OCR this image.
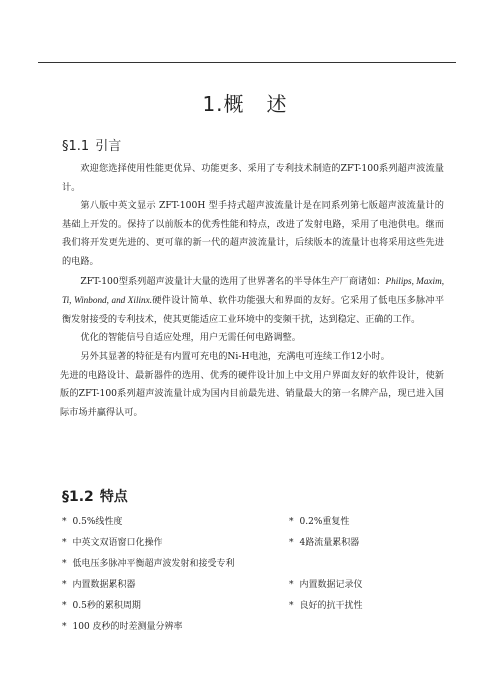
1.概 述
§1.1 引言

欢迎您选择使用性能更优异、功能更多、采用了专利技术制造的ZFT-100系列超声波流量计。

第八版中英文显示 ZFT-100H 型手持式超声波流量计是在同系列第七版超声波流量计的基础上开发的。保持了以前版本的优秀性能和特点，改进了发射电路，采用了电池供电。继而我们将开发更先进的、更可靠的新一代的超声波流量计，后续版本的流量计也将采用这些先进的电路。

ZFT-100型系列超声波量计大量的选用了世界著名的半导体生产厂商诸如：Philips, Maxim, Ti, Winbond, and Xilinx.硬件设计简单、软件功能强大和界面的友好。它采用了低电压多脉冲平衡发射接受的专利技术，使其更能适应工业环境中的变频干扰，达到稳定、正确的工作。

优化的智能信号自适应处理，用户无需任何电路调整。

另外其显著的特征是有内置可充电的Ni-H电池，充满电可连续工作12小时。

先进的电路设计、最新器件的选用、优秀的硬件设计加上中文用户界面友好的软件设计，使新版的ZFT-100系列超声波流量计成为国内目前最先进、销量最大的第一名牌产品，现已进入国际市场并赢得认可。

§1.2 特点
* 0.5%线性度	* 0.2%重复性
* 中英文双语窗口化操作	* 4路流量累积器
* 低电压多脉冲平衡超声波发射和接受专利
* 内置数据累积器	* 内置数据记录仪
* 0.5秒的累积周期	* 良好的抗干扰性
* 100 皮秒的时差测量分辨率
